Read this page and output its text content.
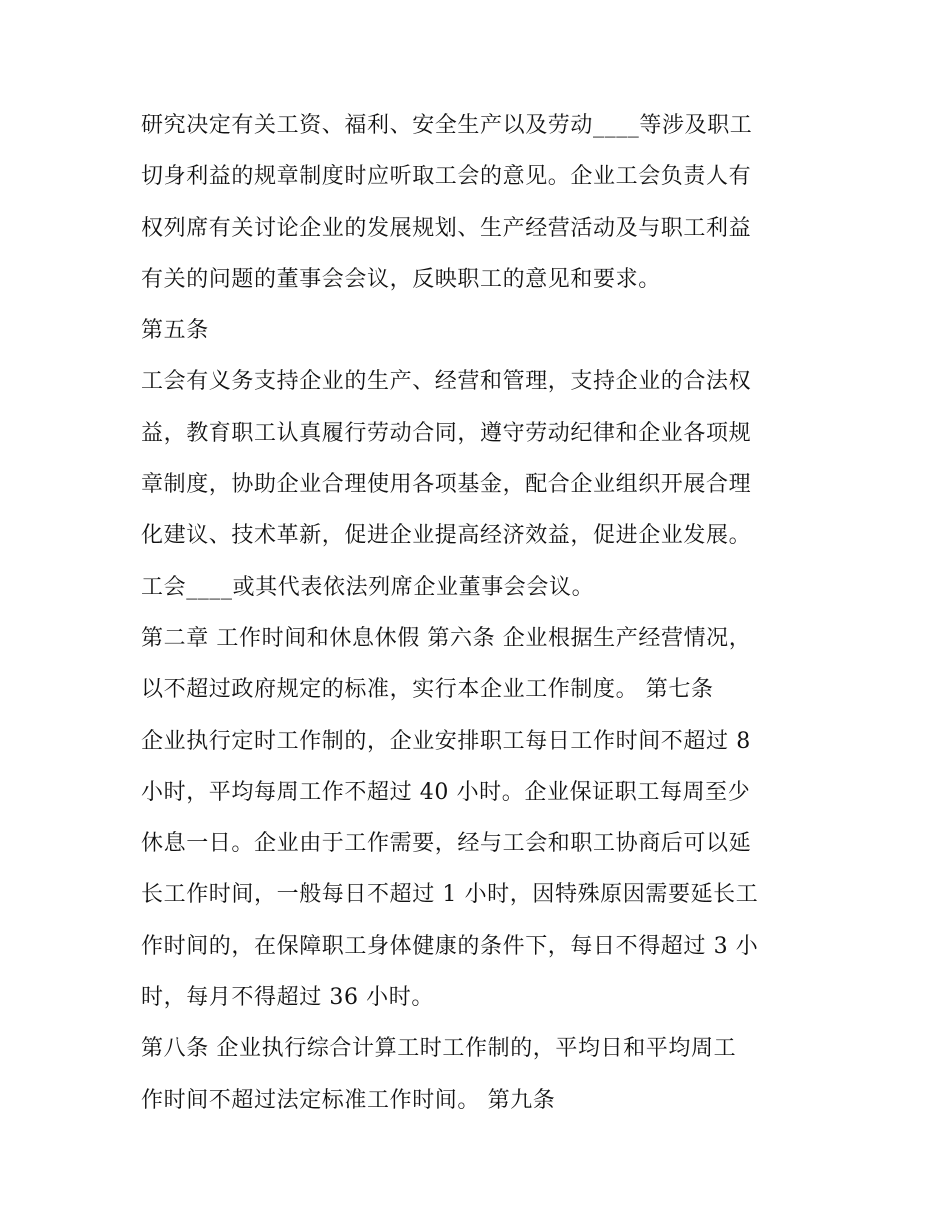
研究决定有关工资、福利、安全生产以及劳动____等涉及职工
切身利益的规章制度时应听取工会的意见。企业工会负责人有
权列席有关讨论企业的发展规划、生产经营活动及与职工利益
有关的问题的董事会会议，反映职工的意见和要求。
第五条
工会有义务支持企业的生产、经营和管理，支持企业的合法权
益，教育职工认真履行劳动合同，遵守劳动纪律和企业各项规
章制度，协助企业合理使用各项基金，配合企业组织开展合理
化建议、技术革新，促进企业提高经济效益，促进企业发展。
工会____或其代表依法列席企业董事会会议。
第二章 工作时间和休息休假 第六条 企业根据生产经营情况，
以不超过政府规定的标准，实行本企业工作制度。 第七条
企业执行定时工作制的，企业安排职工每日工作时间不超过 8
小时，平均每周工作不超过 40 小时。企业保证职工每周至少
休息一日。企业由于工作需要，经与工会和职工协商后可以延
长工作时间，一般每日不超过 1 小时，因特殊原因需要延长工
作时间的，在保障职工身体健康的条件下，每日不得超过 3 小
时，每月不得超过 36 小时。
第八条 企业执行综合计算工时工作制的，平均日和平均周工
作时间不超过法定标准工作时间。 第九条
